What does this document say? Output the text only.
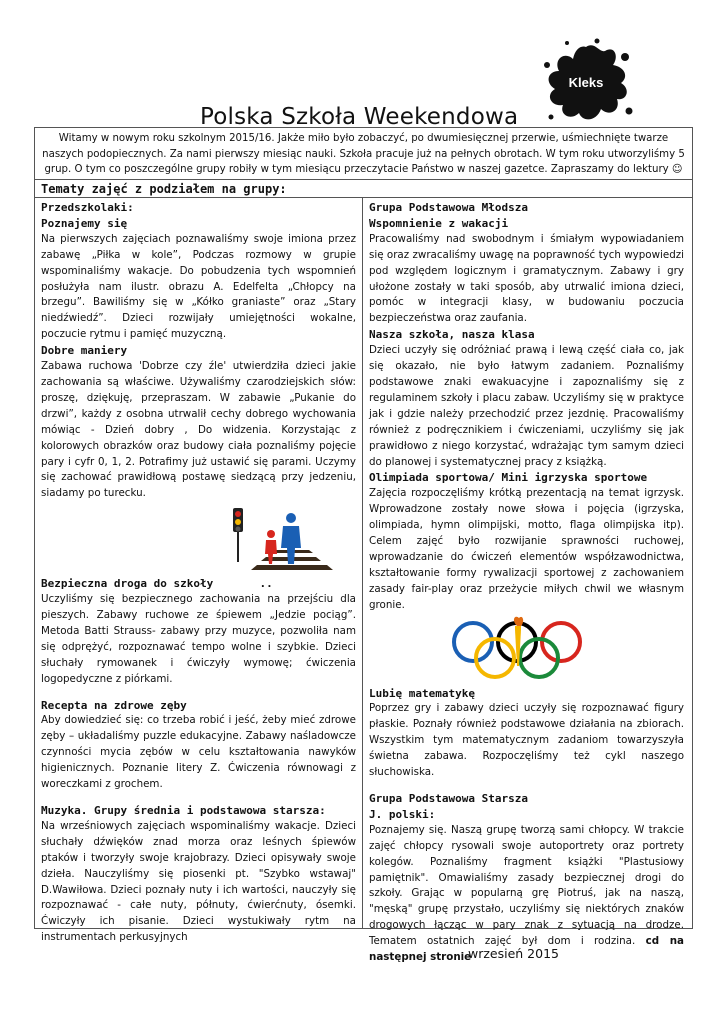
Polska Szkoła Weekendowa
Kleks
Witamy w nowym roku szkolnym 2015/16. Jakże miło było zobaczyć, po dwumiesięcznej przerwie, uśmiechnięte twarze naszych podopiecznych. Za nami pierwszy miesiąc nauki. Szkoła pracuje już na pełnych obrotach. W tym roku utworzyliśmy 5 grup. O tym co poszczególne grupy robiły w tym miesiącu przeczytacie Państwo w naszej gazetce. Zapraszamy do lektury ☺
Tematy zajęć z podziałem na grupy:

Przedszkolaki:

Poznajemy się

Na pierwszych zajęciach poznawaliśmy swoje imiona przez zabawę „Piłka w kole”, Podczas rozmowy w grupie wspominaliśmy wakacje. Do pobudzenia tych wspomnień posłużyła nam ilustr. obrazu A. Edelfelta „Chłopcy na brzegu”. Bawiliśmy się w „Kółko graniaste” oraz „Stary niedźwiedź”. Dzieci rozwijały umiejętności wokalne, poczucie rytmu i pamięć muzyczną.

Dobre maniery

Zabawa ruchowa 'Dobrze czy źle' utwierdziła dzieci jakie zachowania są właściwe. Używaliśmy czarodziejskich słów: proszę, dziękuję, przepraszam. W zabawie „Pukanie do drzwi”, każdy z osobna utrwalił cechy dobrego wychowania mówiąc - Dzień dobry , Do widzenia. Korzystając z kolorowych obrazków oraz budowy ciała poznaliśmy pojęcie pary i cyfr 0, 1, 2. Potrafimy już ustawić się parami. Uczymy się zachować prawidłową postawę siedzącą przy jedzeniu, siadamy po turecku.

Bezpieczna droga do szkoły	..

Uczyliśmy się bezpiecznego zachowania na przejściu dla pieszych. Zabawy ruchowe ze śpiewem „Jedzie pociąg”. Metoda Batti Strauss- zabawy przy muzyce, pozwoliła nam się odprężyć, rozpoznawać tempo wolne i szybkie. Dzieci słuchały rymowanek i ćwiczyły wymowę; ćwiczenia logopedyczne z piórkami.

Recepta na zdrowe zęby

Aby dowiedzieć się: co trzeba robić i jeść, żeby mieć zdrowe zęby – układaliśmy puzzle edukacyjne. Zabawy naśladowcze czynności mycia zębów w celu kształtowania nawyków higienicznych. Poznanie litery Z. Ćwiczenia równowagi z woreczkami z grochem.

Muzyka. Grupy średnia i podstawowa starsza:

Na wrześniowych zajęciach wspominaliśmy wakacje. Dzieci słuchały dźwięków znad morza oraz leśnych śpiewów ptaków i tworzyły swoje krajobrazy. Dzieci opisywały swoje dzieła. Nauczyliśmy się piosenki pt. "Szybko wstawaj" D.Wawiłowa. Dzieci poznały nuty i ich wartości, nauczyły się rozpoznawać - całe nuty, półnuty, ćwierćnuty, ósemki. Ćwiczyły ich pisanie. Dzieci wystukiwały rytm na instrumentach perkusyjnych

Grupa Podstawowa Młodsza

Wspomnienie z wakacji

Pracowaliśmy nad swobodnym i śmiałym wypowiadaniem się oraz zwracaliśmy uwagę na poprawność tych wypowiedzi pod względem logicznym i gramatycznym. Zabawy i gry ułożone zostały w taki sposób, aby utrwalić imiona dzieci, pomóc w integracji klasy, w budowaniu poczucia bezpieczeństwa oraz zaufania.

Nasza szkoła, nasza klasa

Dzieci uczyły się odróżniać prawą i lewą część ciała co, jak się okazało, nie było łatwym zadaniem. Poznaliśmy podstawowe znaki ewakuacyjne i zapoznaliśmy się z regulaminem szkoły i placu zabaw. Uczyliśmy się w praktyce jak i gdzie należy przechodzić przez jezdnię. Pracowaliśmy również z podręcznikiem i ćwiczeniami, uczyliśmy się jak prawidłowo z niego korzystać, wdrażając tym samym dzieci do planowej i systematycznej pracy z książką.

Olimpiada sportowa/ Mini igrzyska sportowe

Zajęcia rozpoczęliśmy krótką prezentacją na temat igrzysk. Wprowadzone zostały nowe słowa i pojęcia (igrzyska, olimpiada, hymn olimpijski, motto, flaga olimpijska itp). Celem zajęć było rozwijanie sprawności ruchowej, wprowadzanie do ćwiczeń elementów współzawodnictwa, kształtowanie formy rywalizacji sportowej z zachowaniem zasady fair-play oraz przeżycie miłych chwil we własnym gronie.

Lubię matematykę

Poprzez gry i zabawy dzieci uczyły się rozpoznawać figury płaskie. Poznały również podstawowe działania na zbiorach. Wszystkim tym matematycznym zadaniom towarzyszyła świetna zabawa. Rozpoczęliśmy też cykl naszego słuchowiska.

Grupa Podstawowa Starsza

J. polski:

Poznajemy się. Naszą grupę tworzą sami chłopcy. W trakcie zajęć chłopcy rysowali swoje autoportrety oraz portrety kolegów. Poznaliśmy fragment książki "Plastusiowy pamiętnik". Omawialiśmy zasady bezpiecznej drogi do szkoły. Grając w popularną grę Piotruś, jak na naszą, "męską" grupę przystało, uczyliśmy się niektórych znaków drogowych łącząc w pary znak z sytuacją na drodze. Tematem ostatnich zajęć był dom i rodzina. cd na następnej stronie

wrzesień 2015
